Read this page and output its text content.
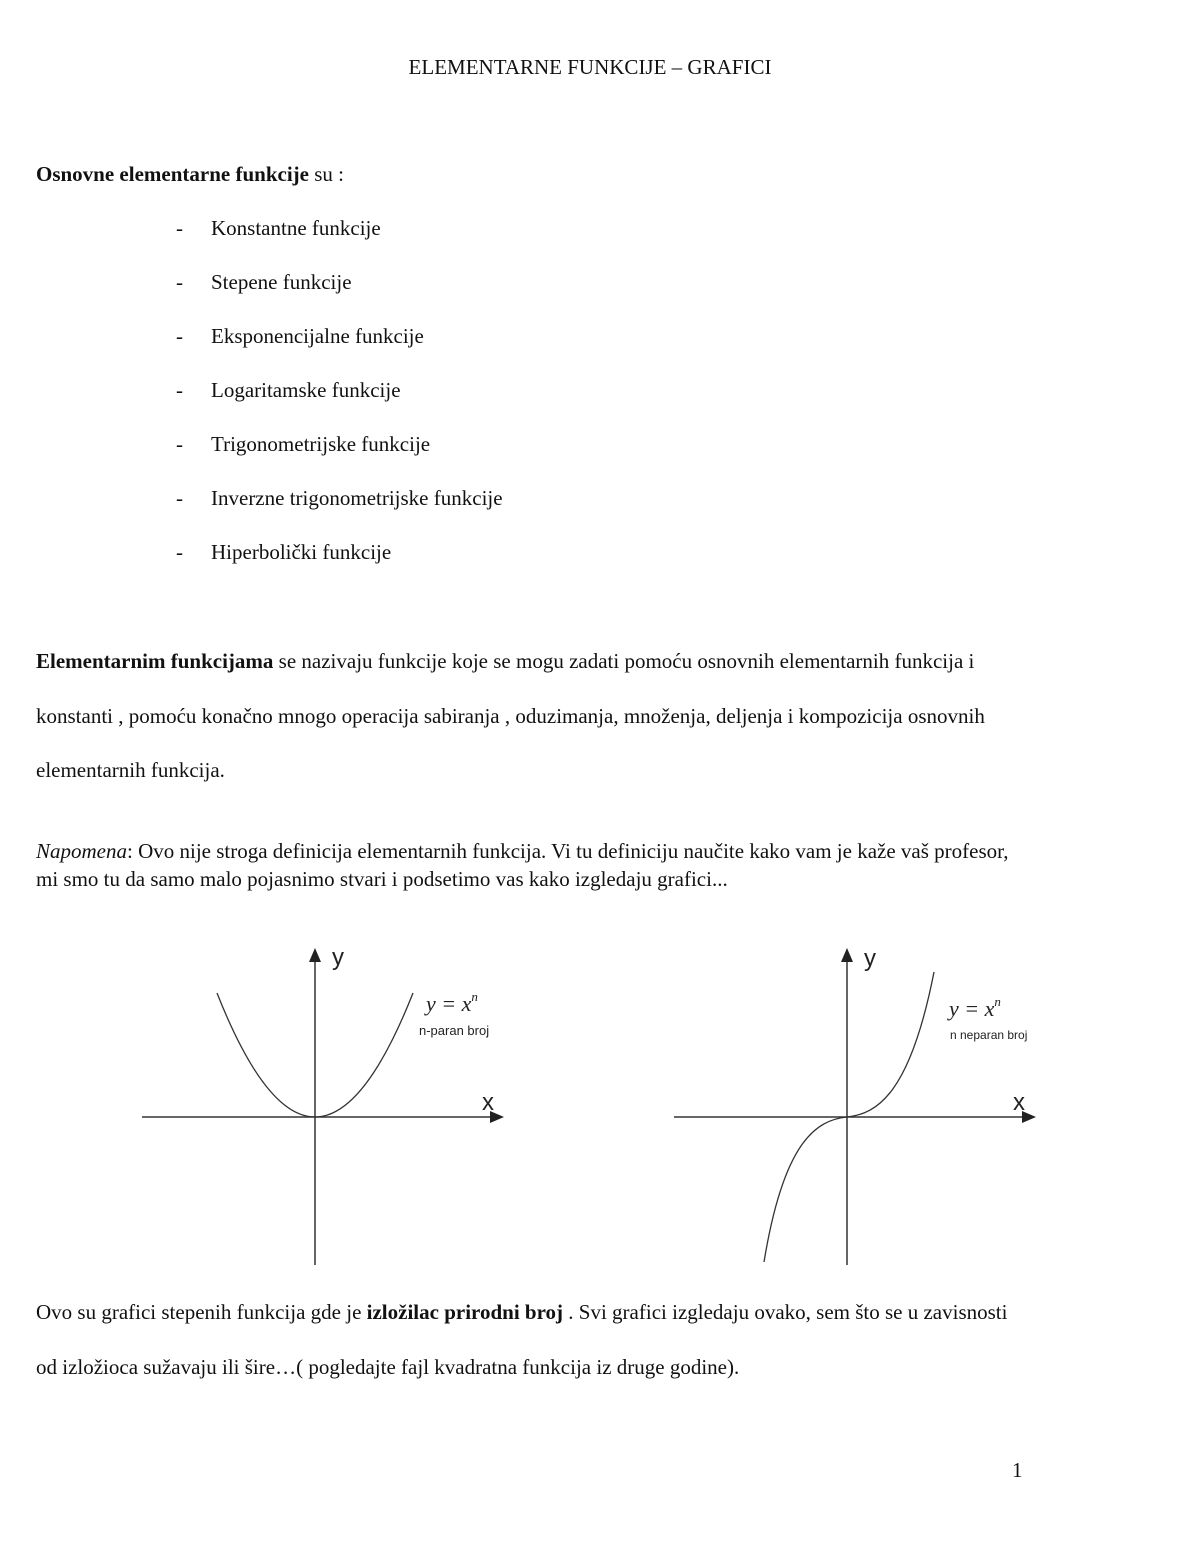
ELEMENTARNE FUNKCIJE – GRAFICI
Osnovne elementarne funkcije su :
- Konstantne funkcije
- Stepene funkcije
- Eksponencijalne funkcije
- Logaritamske funkcije
- Trigonometrijske funkcije
- Inverzne trigonometrijske funkcije
- Hiperbolički funkcije
Elementarnim funkcijama se nazivaju funkcije koje se mogu zadati pomoću osnovnih elementarnih funkcija i
konstanti , pomoću konačno mnogo operacija sabiranja , oduzimanja, množenja, deljenja i kompozicija osnovnih
elementarnih funkcija.
Napomena: Ovo nije stroga definicija elementarnih funkcija. Vi tu definiciju naučite kako vam je kaže vaš profesor,
mi smo tu da samo malo pojasnimo stvari i podsetimo vas kako izgledaju grafici...
y
x
$y = x^n$
n-paran broj
y
x
$y = x^n$
n neparan broj
Ovo su grafici stepenih funkcija gde je izložilac prirodni broj . Svi grafici izgledaju ovako, sem što se u zavisnosti
od izložioca sužavaju ili šire…( pogledajte fajl kvadratna funkcija iz druge godine).
1
